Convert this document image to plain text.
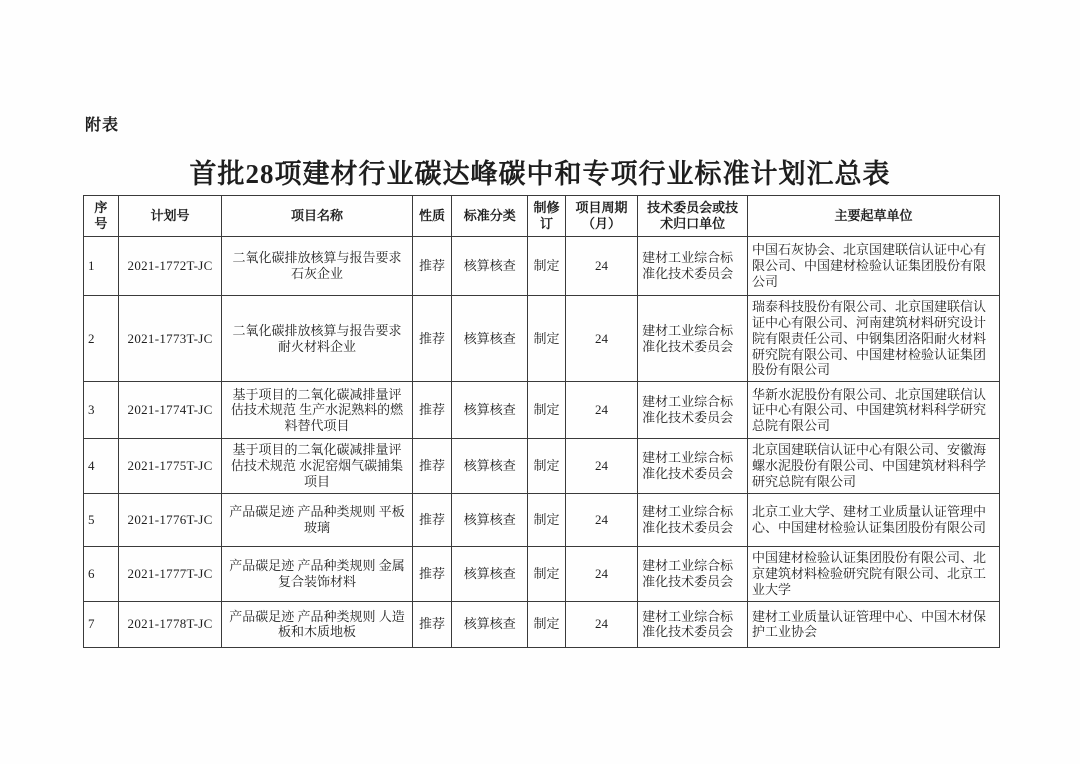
附表
首批28项建材行业碳达峰碳中和专项行业标准计划汇总表
序号	计划号	项目名称	性质	标准分类	制修订	项目周期（月）	技术委员会或技术归口单位	主要起草单位
1	2021-1772T-JC	二氧化碳排放核算与报告要求 石灰企业	推荐	核算核查	制定	24	建材工业综合标准化技术委员会	中国石灰协会、北京国建联信认证中心有限公司、中国建材检验认证集团股份有限公司
2	2021-1773T-JC	二氧化碳排放核算与报告要求 耐火材料企业	推荐	核算核查	制定	24	建材工业综合标准化技术委员会	瑞泰科技股份有限公司、北京国建联信认证中心有限公司、河南建筑材料研究设计院有限责任公司、中钢集团洛阳耐火材料研究院有限公司、中国建材检验认证集团股份有限公司
3	2021-1774T-JC	基于项目的二氧化碳减排量评估技术规范 生产水泥熟料的燃料替代项目	推荐	核算核查	制定	24	建材工业综合标准化技术委员会	华新水泥股份有限公司、北京国建联信认证中心有限公司、中国建筑材料科学研究总院有限公司
4	2021-1775T-JC	基于项目的二氧化碳减排量评估技术规范 水泥窑烟气碳捕集项目	推荐	核算核查	制定	24	建材工业综合标准化技术委员会	北京国建联信认证中心有限公司、安徽海螺水泥股份有限公司、中国建筑材料科学研究总院有限公司
5	2021-1776T-JC	产品碳足迹 产品种类规则 平板玻璃	推荐	核算核查	制定	24	建材工业综合标准化技术委员会	北京工业大学、建材工业质量认证管理中心、中国建材检验认证集团股份有限公司
6	2021-1777T-JC	产品碳足迹 产品种类规则 金属复合装饰材料	推荐	核算核查	制定	24	建材工业综合标准化技术委员会	中国建材检验认证集团股份有限公司、北京建筑材料检验研究院有限公司、北京工业大学
7	2021-1778T-JC	产品碳足迹 产品种类规则 人造板和木质地板	推荐	核算核查	制定	24	建材工业综合标准化技术委员会	建材工业质量认证管理中心、中国木材保护工业协会
